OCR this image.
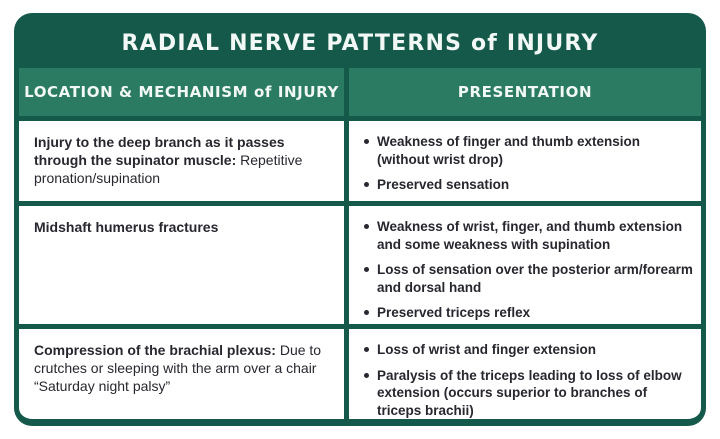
RADIAL NERVE PATTERNS of INJURY
LOCATION & MECHANISM of INJURY	PRESENTATION
Injury to the deep branch as it passes through the supinator muscle: Repetitive pronation/supination
Weakness of finger and thumb extension (without wrist drop)
Preserved sensation
Midshaft humerus fractures	Weakness of wrist, finger, and thumb extension and some weakness with supination
Loss of sensation over the posterior arm/​forearm and dorsal hand
Preserved triceps reflex
Compression of the brachial plexus: Due to crutches or sleeping with the arm over a chair “Saturday night palsy”
Loss of wrist and finger extension
Paralysis of the triceps leading to loss of elbow extension (occurs superior to branches of triceps brachii)
